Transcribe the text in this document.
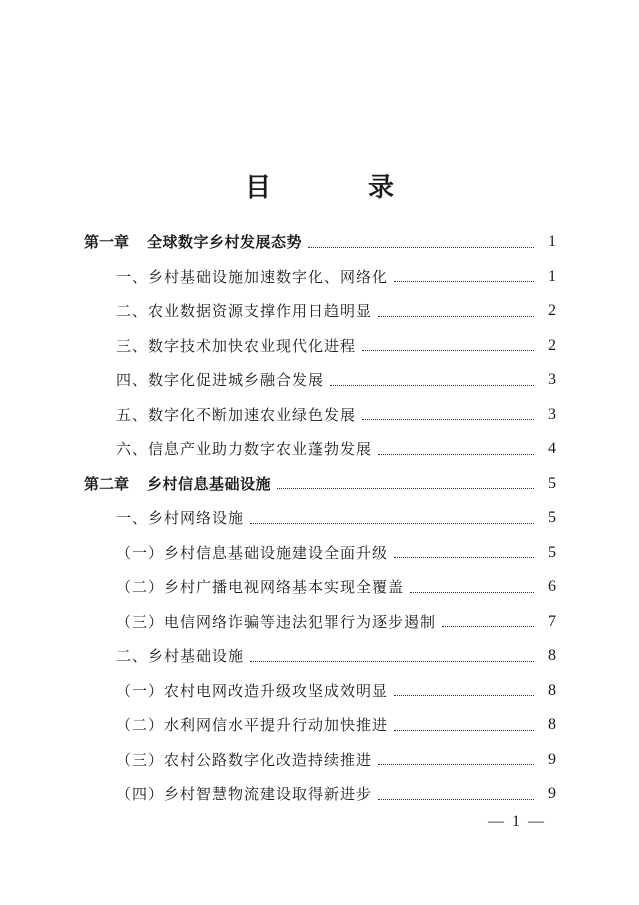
目 录
第一章 全球数字乡村发展态势	1
一、乡村基础设施加速数字化、网络化	1
二、农业数据资源支撑作用日趋明显	2
三、数字技术加快农业现代化进程	2
四、数字化促进城乡融合发展	3
五、数字化不断加速农业绿色发展	3
六、信息产业助力数字农业蓬勃发展	4
第二章 乡村信息基础设施	5
一、乡村网络设施	5
（一）乡村信息基础设施建设全面升级	5
（二）乡村广播电视网络基本实现全覆盖	6
（三）电信网络诈骗等违法犯罪行为逐步遏制	7
二、乡村基础设施	8
（一）农村电网改造升级攻坚成效明显	8
（二）水利网信水平提升行动加快推进	8
（三）农村公路数字化改造持续推进	9
（四）乡村智慧物流建设取得新进步	9
— 1 —
